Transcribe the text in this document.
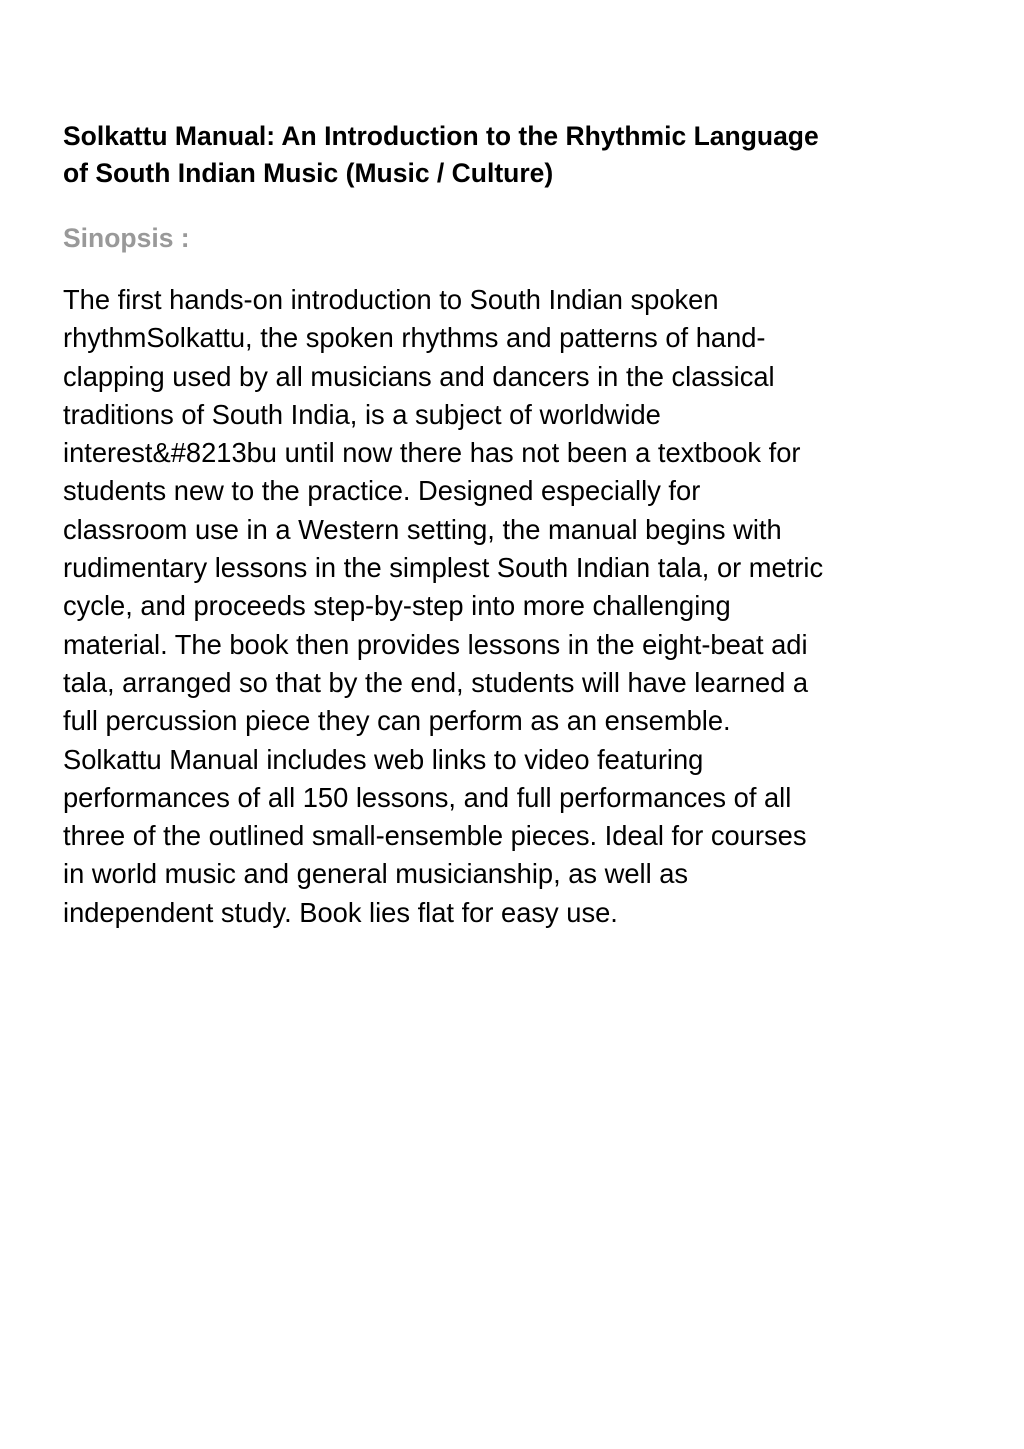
Solkattu Manual: An Introduction to the Rhythmic Language
of South Indian Music (Music / Culture)
Sinopsis :
The first hands-on introduction to South Indian spoken
rhythmSolkattu, the spoken rhythms and patterns of hand-
clapping used by all musicians and dancers in the classical
traditions of South India, is a subject of worldwide
interest&#8213bu until now there has not been a textbook for
students new to the practice. Designed especially for
classroom use in a Western setting, the manual begins with
rudimentary lessons in the simplest South Indian tala, or metric
cycle, and proceeds step-by-step into more challenging
material. The book then provides lessons in the eight-beat adi
tala, arranged so that by the end, students will have learned a
full percussion piece they can perform as an ensemble.
Solkattu Manual includes web links to video featuring
performances of all 150 lessons, and full performances of all
three of the outlined small-ensemble pieces. Ideal for courses
in world music and general musicianship, as well as
independent study. Book lies flat for easy use.
